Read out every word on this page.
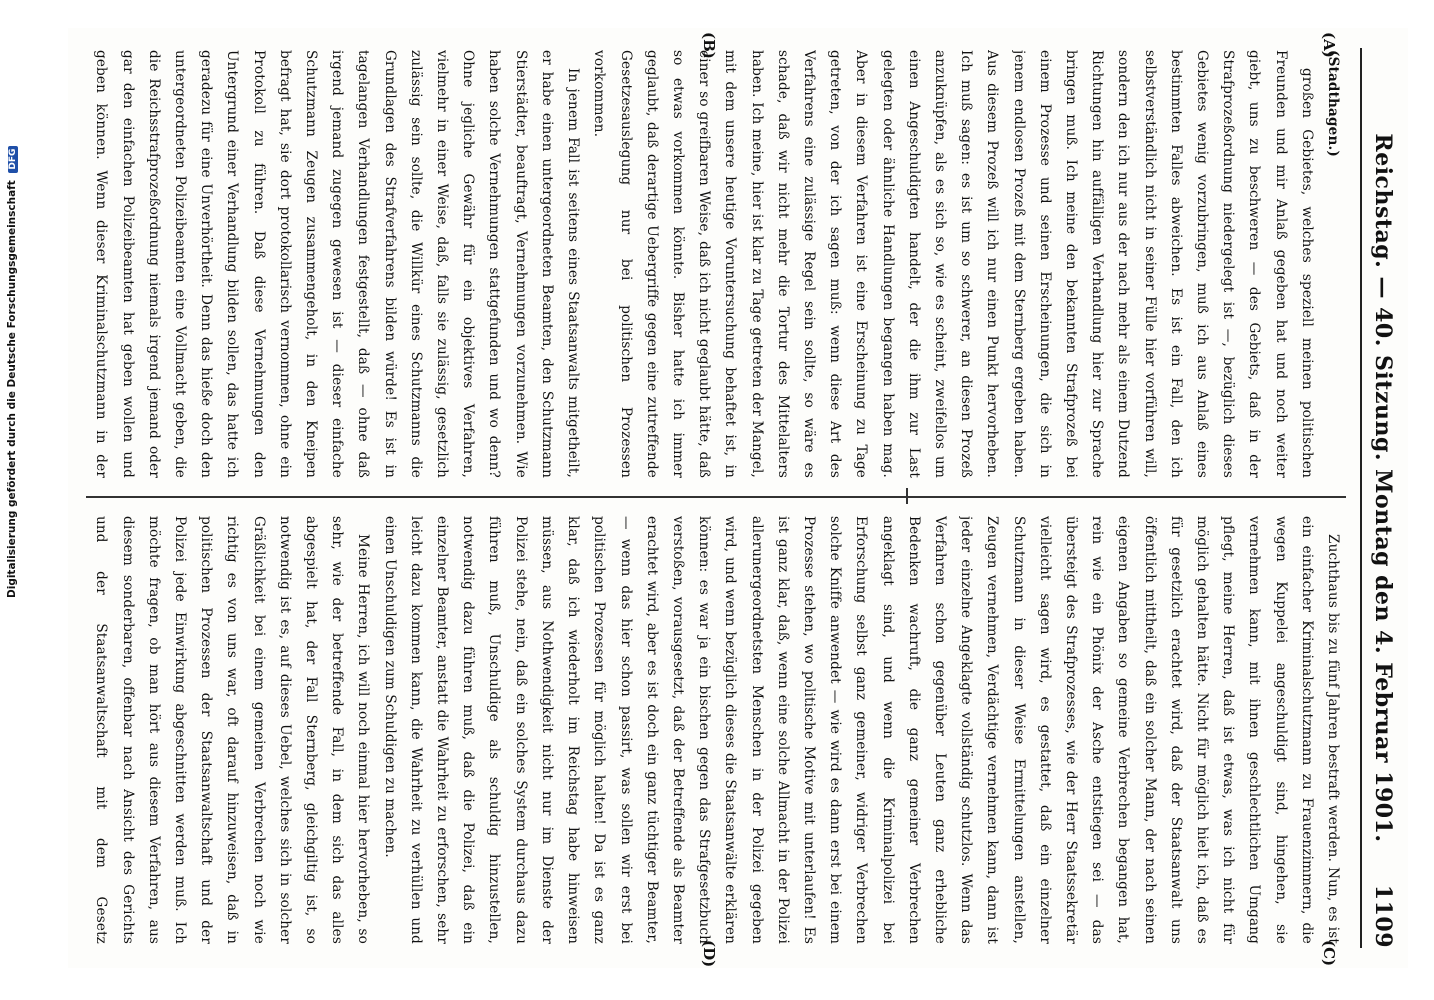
Reichstag. — 40. Sitzung. Montag den 4. Februar 1901.
1109
(A)
(B)
(C)
(D)
(Stadthagen.)

großen Gebietes, welches speziell meinen politischen Freunden und mir Anlaß gegeben hat und noch weiter giebt, uns zu beschweren — des Gebiets, daß in der Strafprozeßordnung niedergelegt ist —, bezüglich dieses Gebietes wenig vorzubringen, muß ich aus Anlaß eines bestimmten Falles abweichen. Es ist ein Fall, den ich selbstverständlich nicht in seiner Fülle hier vorführen will, sondern den ich nur aus der nach mehr als einem Dutzend Richtungen hin auffälligen Verhandlung hier zur Sprache bringen muß. Ich meine den bekannten Strafprozeß bei einem Prozesse und seinen Erscheinungen, die sich in jenem endlosen Prozeß mit dem Sternberg ergeben haben. Aus diesem Prozeß will ich nur einen Punkt hervorheben. Ich muß sagen: es ist um so schwerer, an diesen Prozeß anzuknüpfen, als es sich so, wie es scheint, zweifellos um einen Angeschuldigten handelt, der die ihm zur Last gelegten oder ähnliche Handlungen begangen haben mag. Aber in diesem Verfahren ist eine Erscheinung zu Tage getreten, von der ich sagen muß: wenn diese Art des Verfahrens eine zulässige Regel sein sollte, so wäre es schade, daß wir nicht mehr die Tortur des Mittelalters haben. Ich meine, hier ist klar zu Tage getreten der Mangel, mit dem unsere heutige Voruntersuchung behaftet ist, in einer so greifbaren Weise, daß ich nicht geglaubt hätte, daß so etwas vorkommen könnte. Bisher hatte ich immer geglaubt, daß derartige Uebergriffe gegen eine zutreffende Gesetzesauslegung nur bei politischen Prozessen vorkommen.

In jenem Fall ist seitens eines Staatsanwalts mitgetheilt, er habe einen untergeordneten Beamten, den Schutzmann Stierstädter, beauftragt, Vernehmungen vorzunehmen. Wie haben solche Vernehmungen stattgefunden und wo denn? Ohne jegliche Gewähr für ein objektives Verfahren, vielmehr in einer Weise, daß, falls sie zulässig, gesetzlich zulässig sein sollte, die Willkür eines Schutzmanns die Grundlagen des Strafverfahrens bilden würde! Es ist in tagelangen Verhandlungen festgestellt, daß — ohne daß irgend jemand zugegen gewesen ist — dieser einfache Schutzmann Zeugen zusammengeholt, in den Kneipen befragt hat, sie dort protokollarisch vernommen, ohne ein Protokoll zu führen. Daß diese Vernehmungen den Untergrund einer Verhandlung bilden sollen, das hatte ich geradezu für eine Unverhörtheit. Denn das hieße doch den untergeordneten Polizeibeamten eine Vollmacht geben, die die Reichsstrafprozeßordnung niemals irgend jemand oder gar den einfachen Polizeibeamten hat geben wollen und geben können. Wenn dieser Kriminalschutzmann in der

Zuchthaus bis zu fünf Jahren bestraft werden. Nun, es ist ein einfacher Kriminalschutzmann zu Frauenzimmern, die wegen Kuppelei angeschuldigt sind, hingehen, sie vernehmen kann, mit ihnen geschlechtlichen Umgang pflegt, meine Herren, daß ist etwas, was ich nicht für möglich gehalten hätte. Nicht für möglich hielt ich, daß es für gesetzlich erachtet wird, daß der Staatsanwalt uns öffentlich mittheilt, daß ein solcher Mann, der nach seinen eigenen Angaben so gemeine Verbrechen begangen hat, rein wie ein Phönix der Asche entstiegen sei — das übersteigt des Strafprozesses, wie der Herr Staatssekretär vielleicht sagen wird, es gestattet, daß ein einzelner Schutzmann in dieser Weise Ermittelungen anstellen, Zeugen vernehmen, Verdächtige vernehmen kann, dann ist jeder einzelne Angeklagte vollständig schutzlos. Wenn das Verfahren schon gegenüber Leuten ganz erhebliche Bedenken wachruft, die ganz gemeiner Verbrechen angeklagt sind, und wenn die Kriminalpolizei bei Erforschung selbst ganz gemeiner, widriger Verbrechen solche Kniffe anwendet — wie wird es dann erst bei einem Prozesse stehen, wo politische Motive mit unterlaufen! Es ist ganz klar, daß, wenn eine solche Allmacht in der Polizei allerunergeordnetsten Menschen in der Polizei gegeben wird, und wenn bezüglich dieses die Staatsanwälte erklären können: es war ja ein bischen gegen das Strafgesetzbuch verstoßen, vorausgesetzt, daß der Betreffende als Beamter erachtet wird, aber es ist doch ein ganz tüchtiger Beamter, — wenn das hier schon passirt, was sollen wir erst bei politischen Prozessen für möglich halten! Da ist es ganz klar, daß ich wiederholt im Reichstag habe hinweisen müssen, aus Nothwendigkeit nicht nur im Dienste der Polizei stehe, nein, daß ein solches System durchaus dazu führen muß, Unschuldige als schuldig hinzustellen, notwendig dazu führen muß, daß die Polizei, daß ein einzelner Beamter, anstatt die Wahrheit zu erforschen, sehr leicht dazu kommen kann, die Wahrheit zu verhüllen und einen Unschuldigen zum Schuldigen zu machen.

Meine Herren, ich will noch einmal hier hervorheben, so sehr, wie der betreffende Fall, in dem sich das alles abgespielt hat, der Fall Sternberg, gleichgiltig ist, so notwendig ist es, auf dieses Uebel, welches sich in solcher Gräßlichkeit bei einem gemeinen Verbrechen noch wie richtig es von uns war, oft darauf hinzuweisen, daß in politischen Prozessen der Staatsanwaltschaft und der Polizei jede Einwirkung abgeschnitten werden muß. Ich möchte fragen, ob man hört aus diesem Verfahren, aus diesem sonderbaren, offenbar nach Ansicht des Gerichts und der Staatsanwaltschaft mit dem Gesetz

Digitalisierung gefördert durch die Deutsche Forschungsgemeinschaft DFG
